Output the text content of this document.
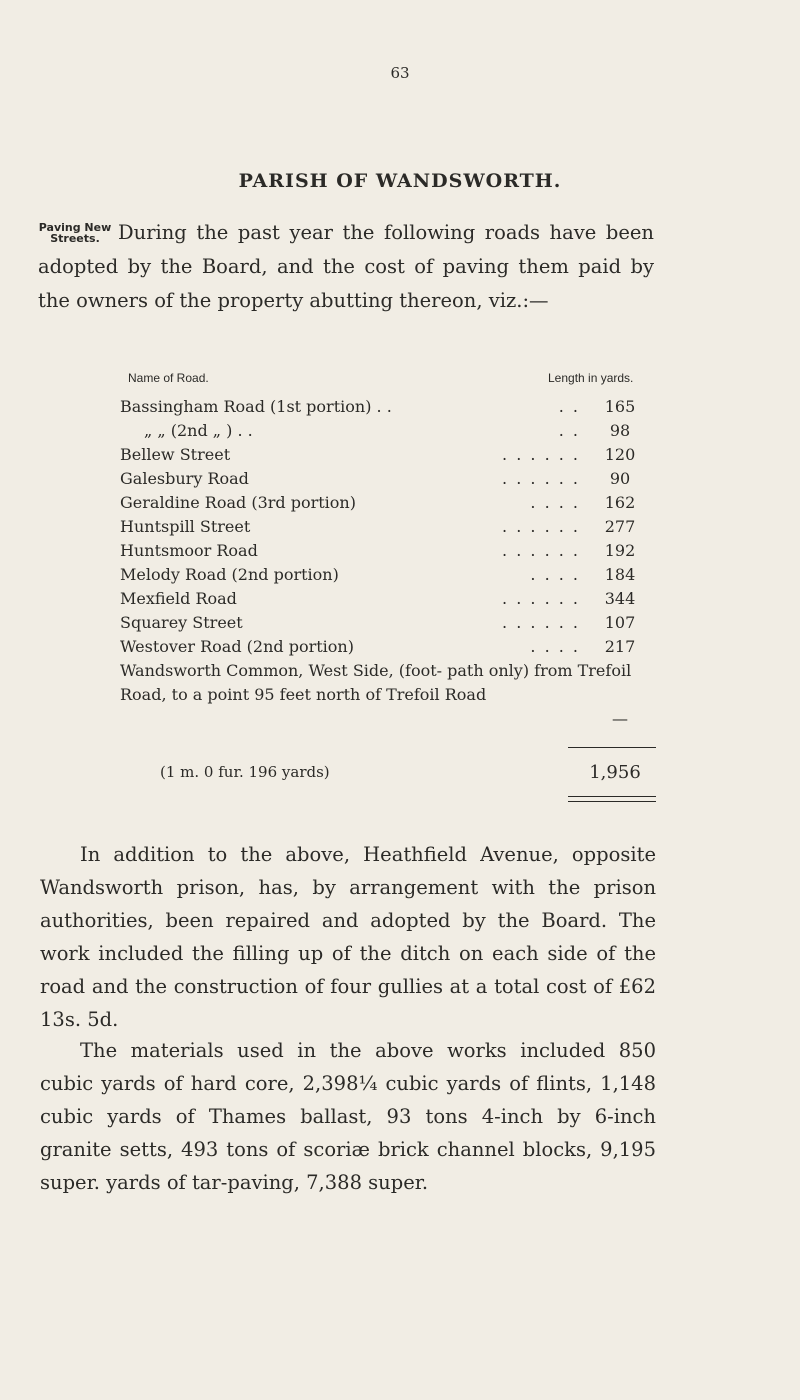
63
PARISH OF WANDSWORTH.
Paving New
Streets. During the past year the following roads have been adopted by the Board, and the cost of paving them paid by the owners of the property abutting thereon, viz.:—

Name of Road.	Length in yards.
Bassingham Road (1st portion) . .	. .	165
„ „ (2nd „ ) . .	. .	98
Bellew Street	. . . . . .	120
Galesbury Road	. . . . . .	90
Geraldine Road (3rd portion)	. . . .	162
Huntspill Street	. . . . . .	277
Huntsmoor Road	. . . . . .	192
Melody Road (2nd portion)	. . . .	184
Mexfield Road	. . . . . .	344
Squarey Street	. . . . . .	107
Westover Road (2nd portion)	. . . .	217

Wandsworth Common, West Side, (foot- path only) from Trefoil Road, to a point 95 feet north of Trefoil Road

—
(1 m. 0 fur. 196 yards)	1,956

In addition to the above, Heathfield Avenue, opposite Wandsworth prison, has, by arrangement with the prison authorities, been repaired and adopted by the Board. The work included the filling up of the ditch on each side of the road and the construction of four gullies at a total cost of £62 13s. 5d.

The materials used in the above works included 850 cubic yards of hard core, 2,398¼ cubic yards of flints, 1,148 cubic yards of Thames ballast, 93 tons 4-inch by 6-inch granite setts, 493 tons of scoriæ brick channel blocks, 9,195 super. yards of tar-paving, 7,388 super.
